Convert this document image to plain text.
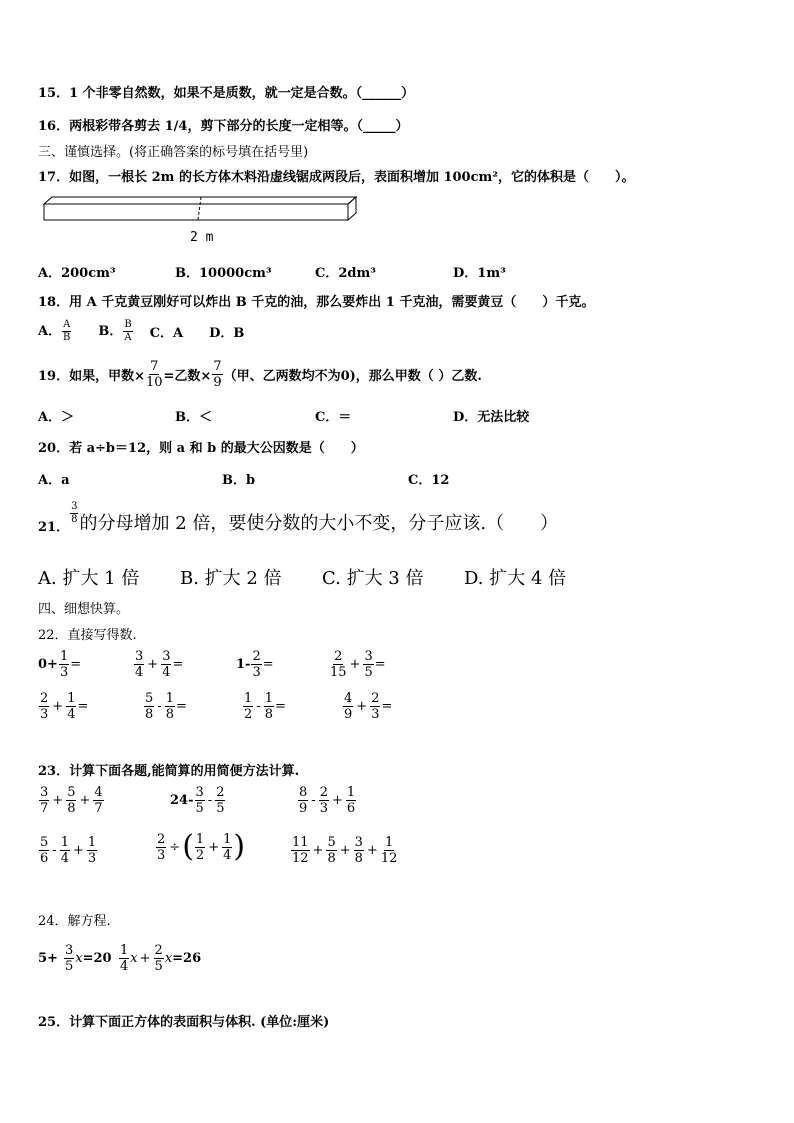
15．1 个非零自然数，如果不是质数，就一定是合数。（______）
16．两根彩带各剪去 1/4，剪下部分的长度一定相等。（_____）
三、谨慎选择。(将正确答案的标号填在括号里)
17．如图，一根长 2m 的长方体木料沿虚线锯成两段后，表面积增加 100cm²，它的体积是（　　）。
2 m
A．200cm³	B．10000cm³	C．2dm³	D．1m³
18．用 A 千克黄豆刚好可以炸出 B 千克的油，那么要炸出 1 千克油，需要黄豆（　　）千克。
A． $\frac{A}{B}$ B． $\frac{B}{A}$ C．A D．B
19．如果，甲数× $\frac{7}{10}$ =乙数× $\frac{7}{9}$ （甲、乙两数均不为0)，那么甲数（ ）乙数.
A．＞	B．＜	C．＝	D．无法比较
20．若 a÷b＝12，则 a 和 b 的最大公因数是（　　）
A．a	B．b	C．12
21．
$\frac{3}{8}$ 的分母增加 2 倍，要使分数的大小不变，分子应该.（　　）
A. 扩大 1 倍 B. 扩大 2 倍 C. 扩大 3 倍 D. 扩大 4 倍
四、细想快算。
22．直接写得数.
$0+ \frac{1}{3}$ =	$\frac{3}{4} + \frac{3}{4}$ =	$1- \frac{2}{3}$ =	$\frac{2}{15} + \frac{3}{5}$ =
$\frac{2}{3} + \frac{1}{4}$ =	$\frac{5}{8} - \frac{1}{8}$ =	$\frac{1}{2} - \frac{1}{8}$ =	$\frac{4}{9} + \frac{2}{3}$ =
23．计算下面各题,能简算的用简便方法计算.
$\frac{3}{7} + \frac{5}{8} + \frac{4}{7}$	$24- \frac{3}{5} - \frac{2}{5}$	$\frac{8}{9} - \frac{2}{3} + \frac{1}{6}$
$\frac{5}{6} - \frac{1}{4} + \frac{1}{3}$	$\frac{2}{3}$ ÷ ( $\frac{1}{2} + \frac{1}{4}$ )	$\frac{11}{12} + \frac{5}{8} + \frac{3}{8} + \frac{1}{12}$
24．解方程.
$5+ \frac{3}{5}$ $x =20 \frac{1}{4}$ $x + \frac{2}{5}$ x =26
25．计算下面正方体的表面积与体积. (单位:厘米)
